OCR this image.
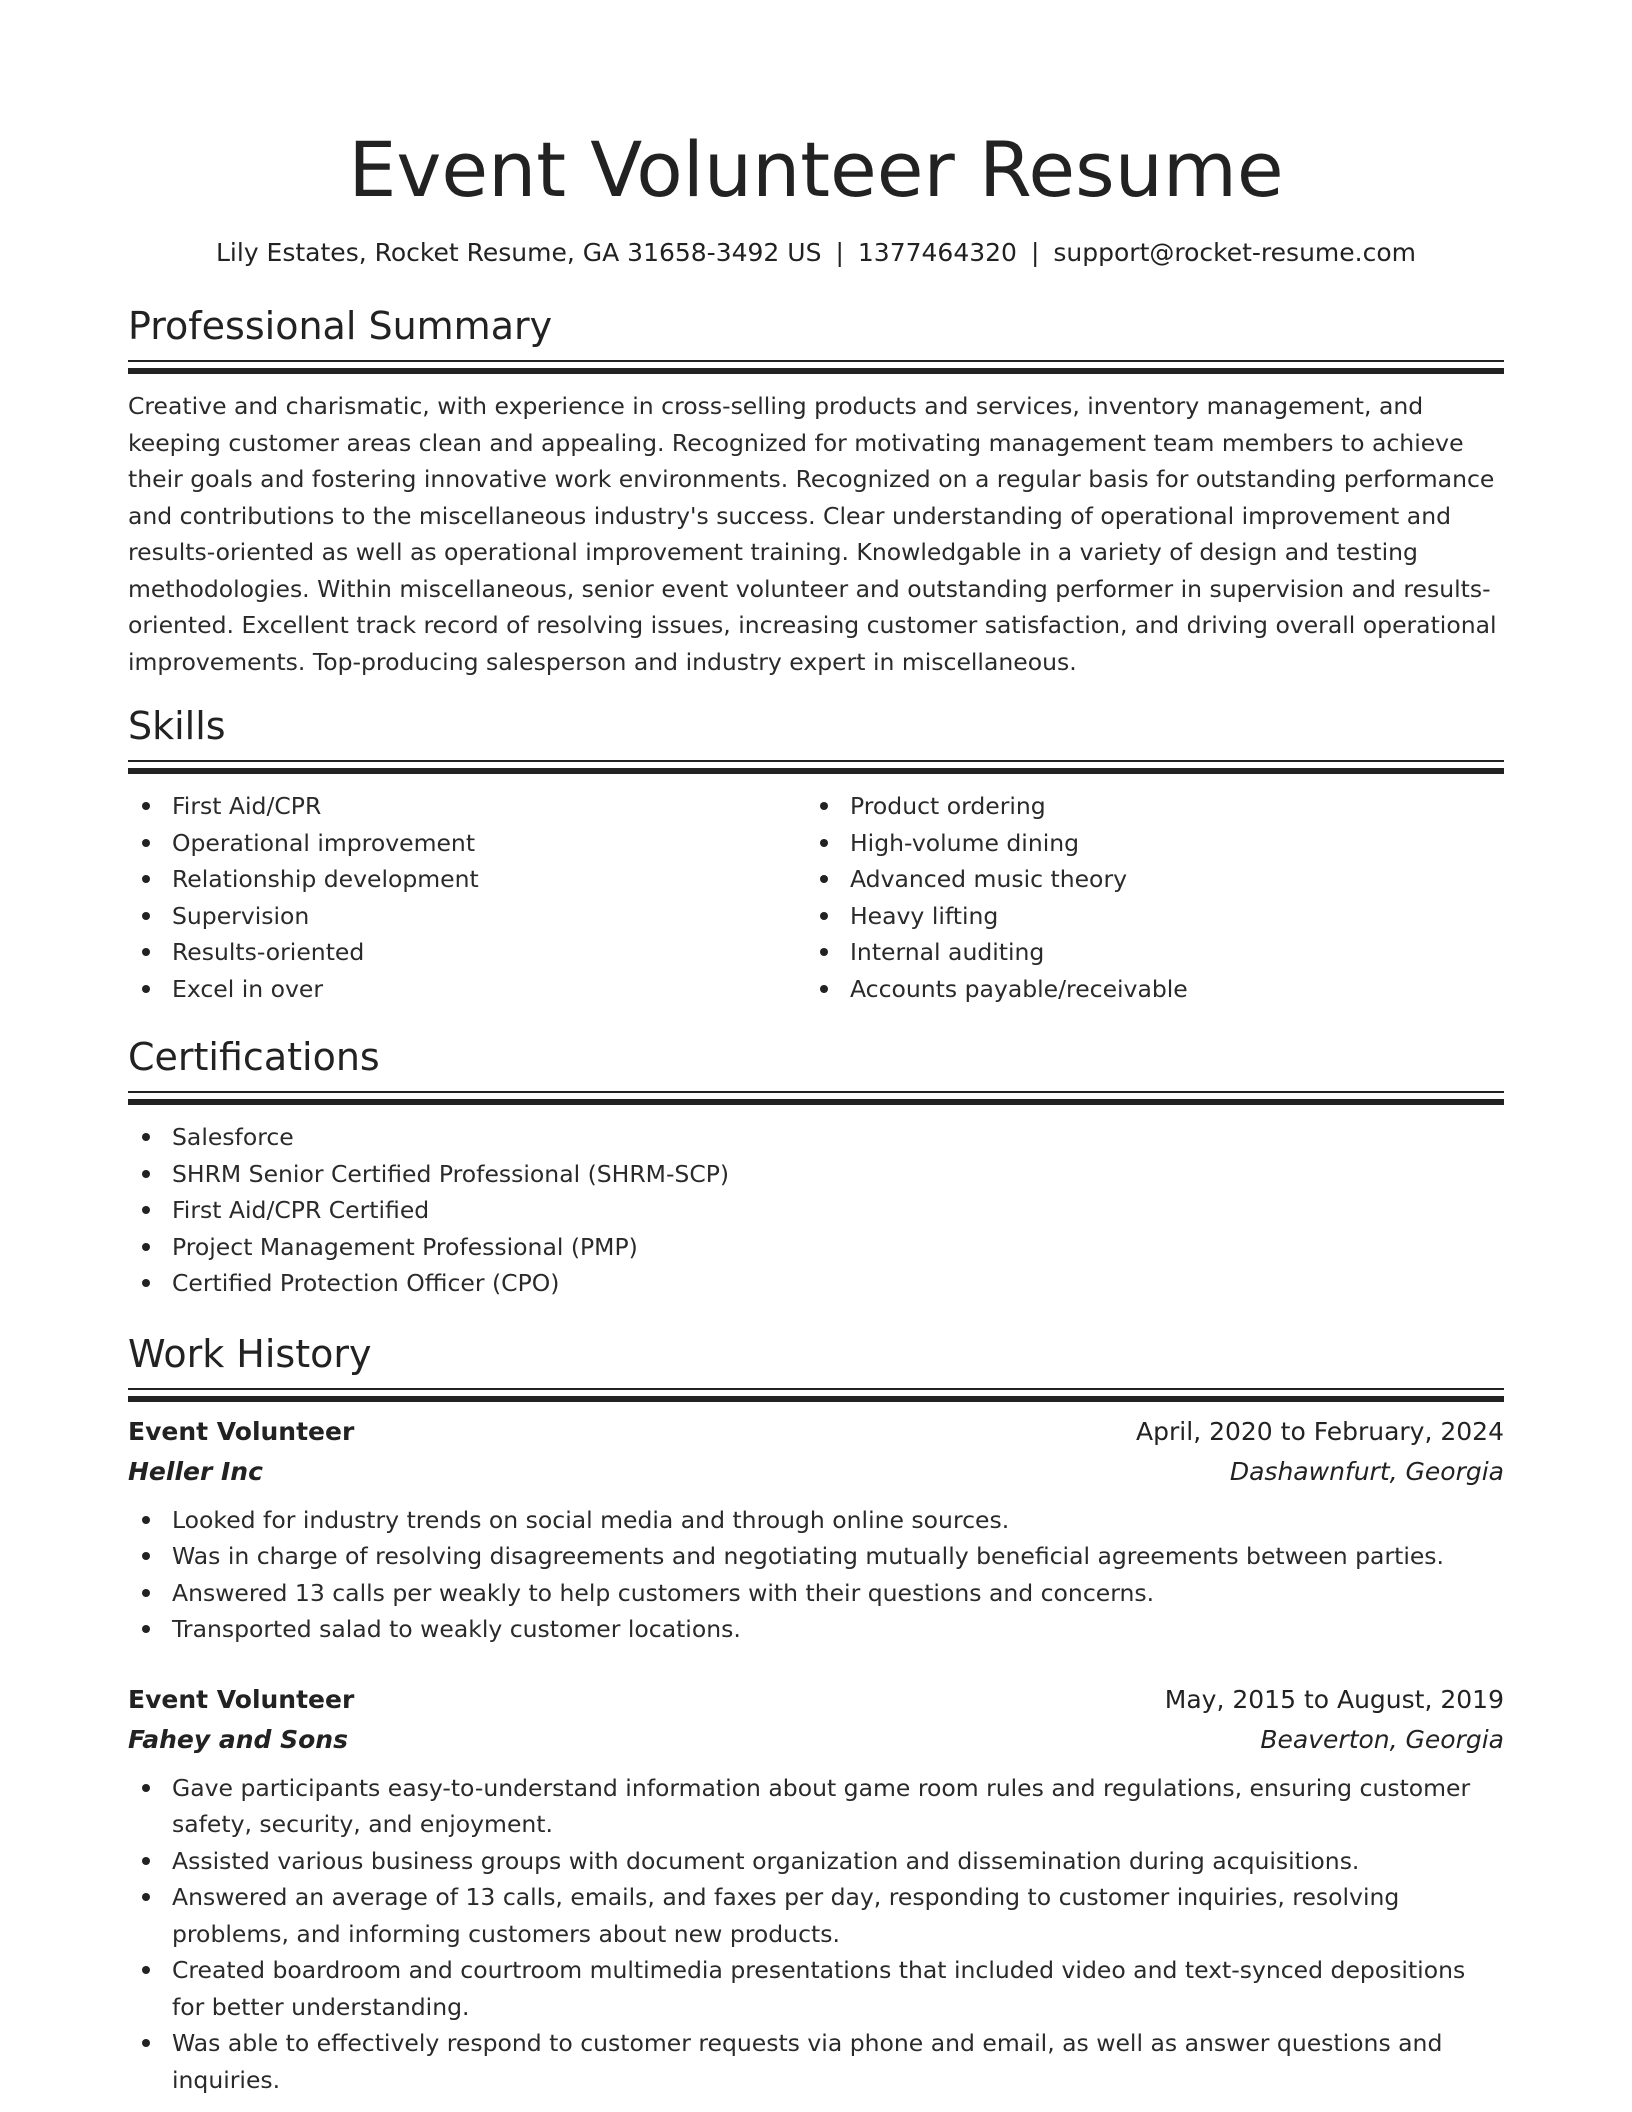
Event Volunteer Resume
Lily Estates, Rocket Resume, GA 31658-3492 US | 1377464320 | support@rocket-resume.com
Professional Summary

Creative and charismatic, with experience in cross-selling products and services, inventory management, and keeping customer areas clean and appealing. Recognized for motivating management team members to achieve their goals and fostering innovative work environments. Recognized on a regular basis for outstanding performance and contributions to the miscellaneous industry's success. Clear understanding of operational improvement and results-oriented as well as operational improvement training. Knowledgable in a variety of design and testing methodologies. Within miscellaneous, senior event volunteer and outstanding performer in supervision and results-oriented. Excellent track record of resolving issues, increasing customer satisfaction, and driving overall operational improvements. Top-producing salesperson and industry expert in miscellaneous.

Skills
First Aid/CPR
Operational improvement
Relationship development
Supervision
Results-oriented
Excel in over
Product ordering
High-volume dining
Advanced music theory
Heavy lifting
Internal auditing
Accounts payable/receivable
Certifications
Salesforce
SHRM Senior Certified Professional (SHRM-SCP)
First Aid/CPR Certified
Project Management Professional (PMP)
Certified Protection Officer (CPO)
Work History
Event Volunteer	April, 2020 to February, 2024
Heller Inc	Dashawnfurt, Georgia
Looked for industry trends on social media and through online sources.
Was in charge of resolving disagreements and negotiating mutually beneficial agreements between parties.
Answered 13 calls per weakly to help customers with their questions and concerns.
Transported salad to weakly customer locations.
Event Volunteer	May, 2015 to August, 2019
Fahey and Sons	Beaverton, Georgia
Gave participants easy-to-understand information about game room rules and regulations, ensuring customer safety, security, and enjoyment.
Assisted various business groups with document organization and dissemination during acquisitions.
Answered an average of 13 calls, emails, and faxes per day, responding to customer inquiries, resolving problems, and informing customers about new products.
Created boardroom and courtroom multimedia presentations that included video and text-synced depositions for better understanding.
Was able to effectively respond to customer requests via phone and email, as well as answer questions and inquiries.
